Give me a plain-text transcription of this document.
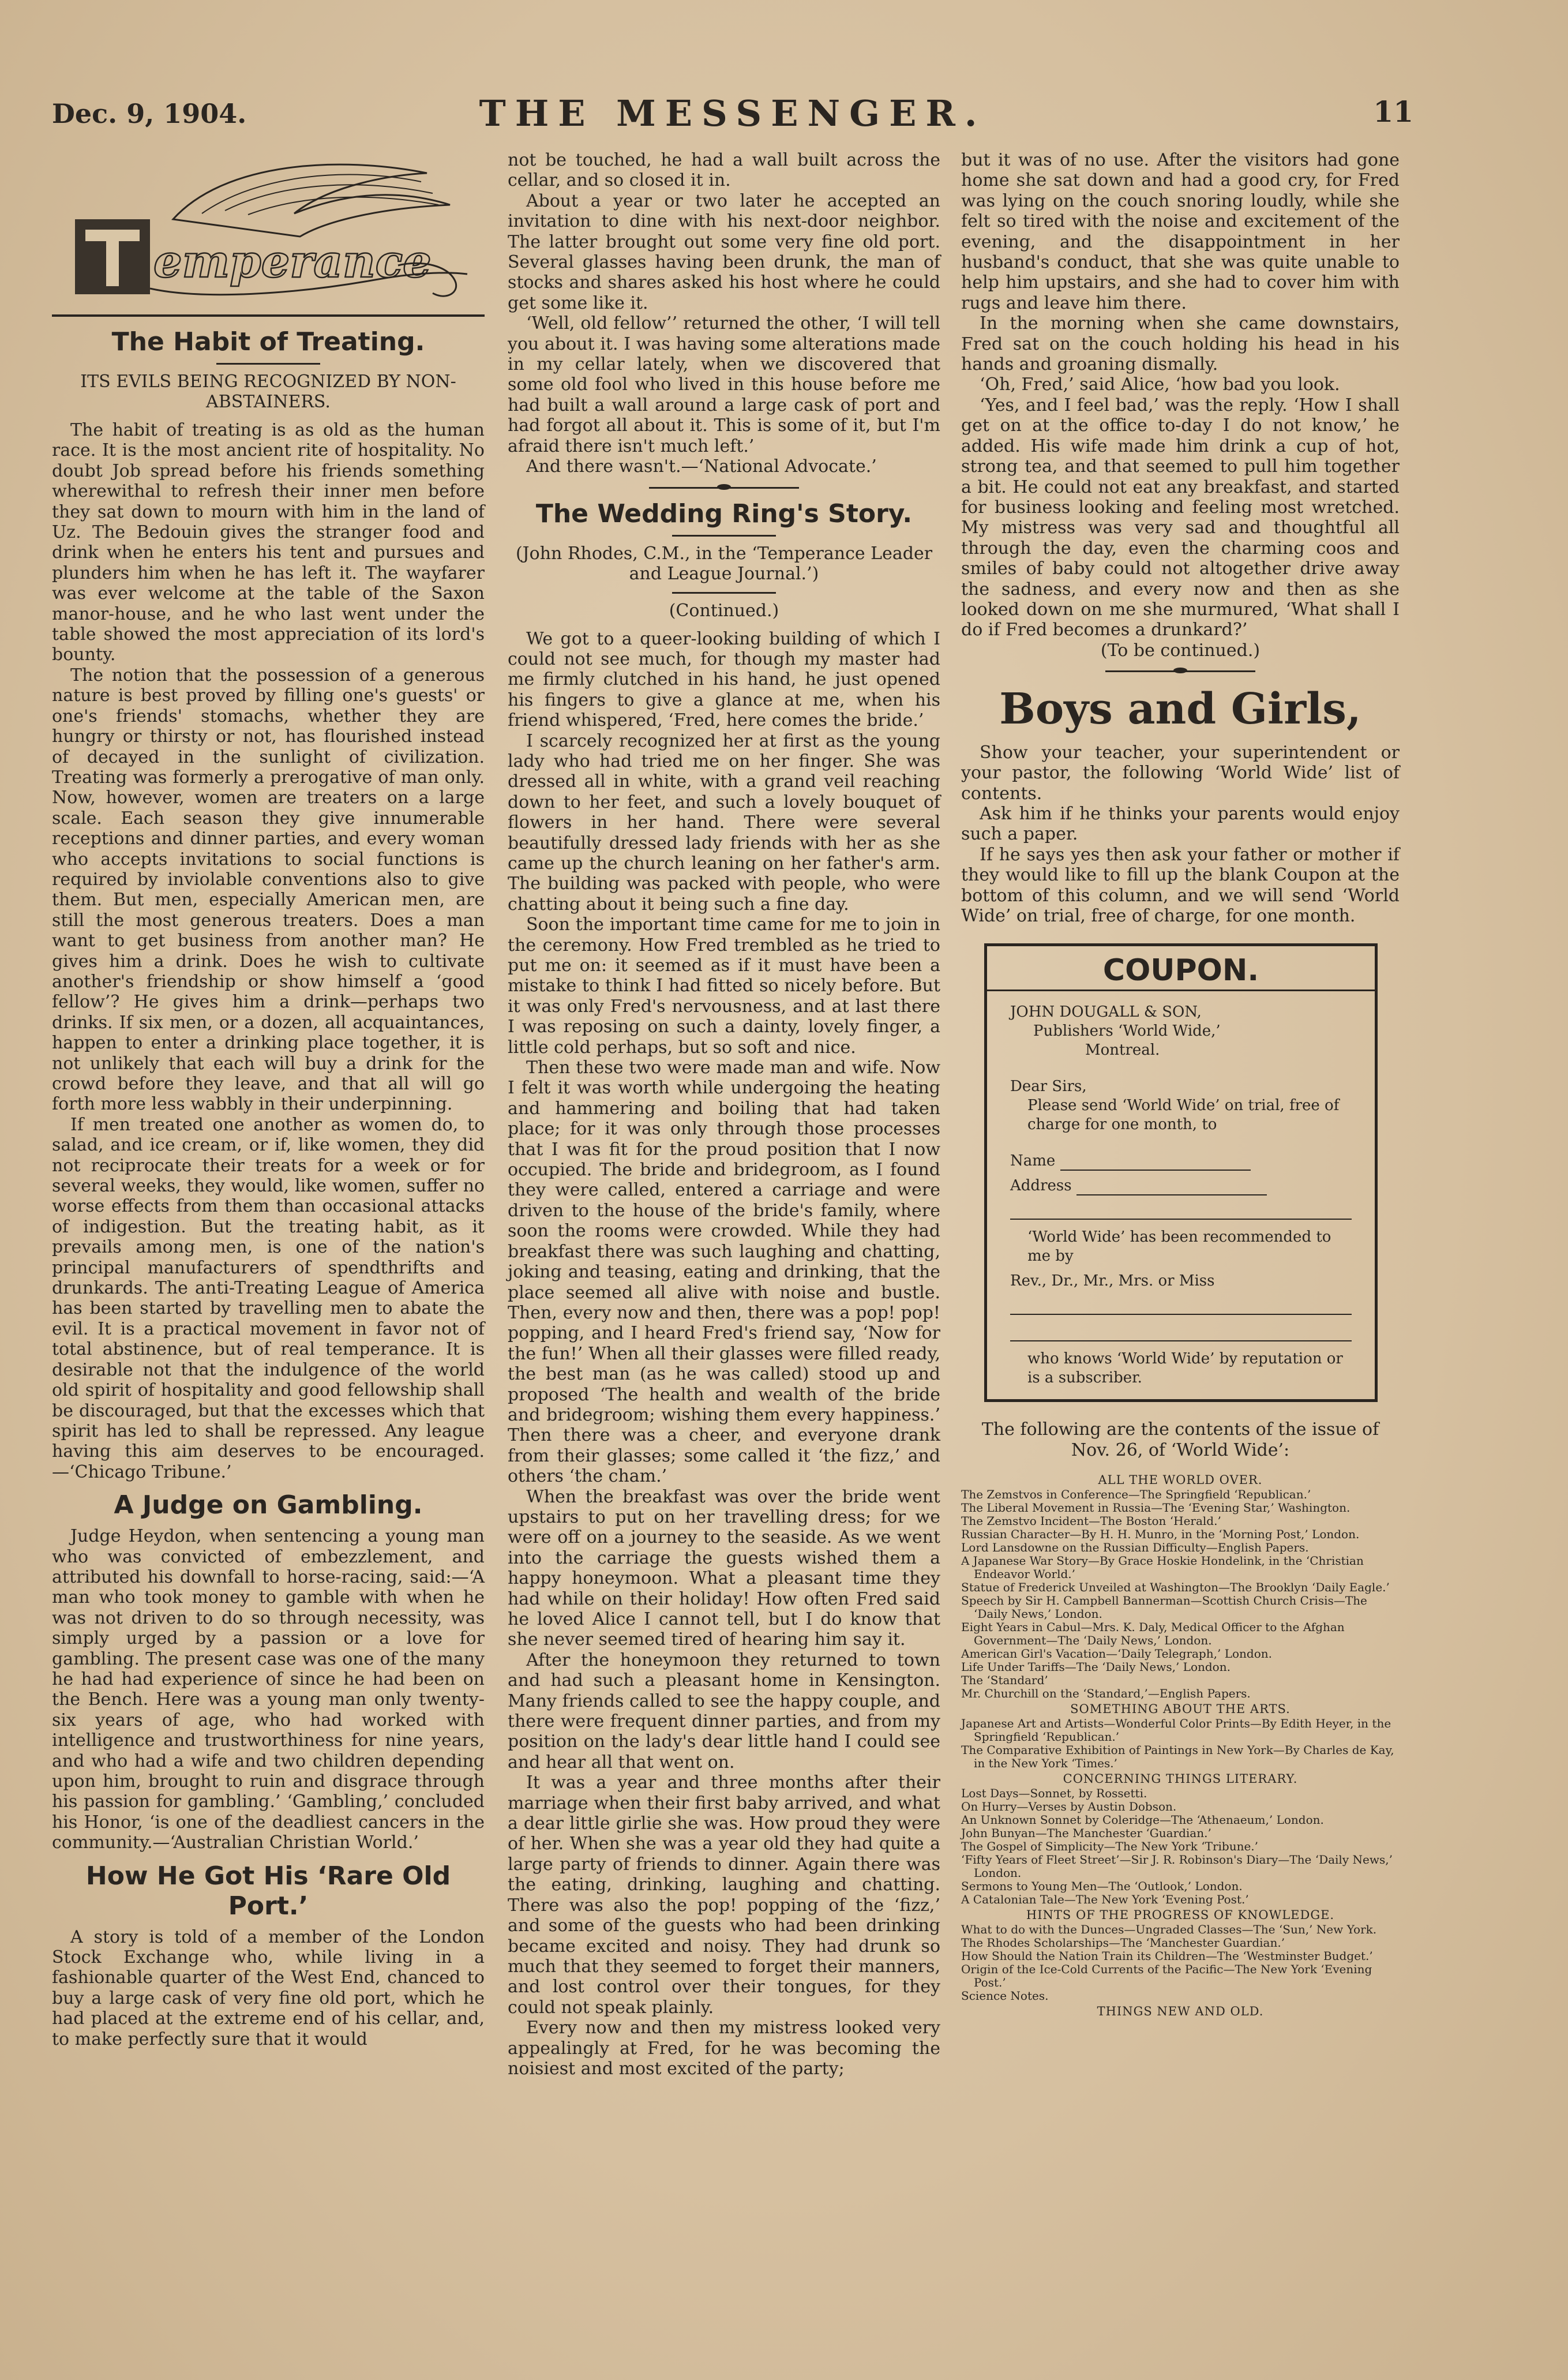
Dec. 9, 1904.	THE MESSENGER.	11
emperance
The Habit of Treating.
ITS EVILS BEING RECOGNIZED BY NON-ABSTAINERS.

The habit of treating is as old as the human race. It is the most ancient rite of hospitality. No doubt Job spread before his friends something wherewithal to refresh their inner men before they sat down to mourn with him in the land of Uz. The Bedouin gives the stranger food and drink when he enters his tent and pursues and plunders him when he has left it. The wayfarer was ever welcome at the table of the Saxon manor-house, and he who last went under the table showed the most appreciation of its lord's bounty.

The notion that the possession of a generous nature is best proved by filling one's guests' or one's friends' stomachs, whether they are hungry or thirsty or not, has flourished instead of decayed in the sunlight of civilization. Treating was formerly a prerogative of man only. Now, however, women are treaters on a large scale. Each season they give innumerable receptions and dinner parties, and every woman who accepts invitations to social functions is required by inviolable conventions also to give them. But men, especially American men, are still the most generous treaters. Does a man want to get business from another man? He gives him a drink. Does he wish to cultivate another's friendship or show himself a ‘good fellow’? He gives him a drink—perhaps two drinks. If six men, or a dozen, all acquaintances, happen to enter a drinking place together, it is not unlikely that each will buy a drink for the crowd before they leave, and that all will go forth more less wabbly in their underpinning.

If men treated one another as women do, to salad, and ice cream, or if, like women, they did not reciprocate their treats for a week or for several weeks, they would, like women, suffer no worse effects from them than occasional attacks of indigestion. But the treating habit, as it prevails among men, is one of the nation's principal manufacturers of spendthrifts and drunkards. The anti-Treating League of America has been started by travelling men to abate the evil. It is a practical movement in favor not of total abstinence, but of real temperance. It is desirable not that the indulgence of the world old spirit of hospitality and good fellowship shall be discouraged, but that the excesses which that spirit has led to shall be repressed. Any league having this aim deserves to be encouraged.—‘Chicago Tribune.’

A Judge on Gambling.

Judge Heydon, when sentencing a young man who was convicted of embezzlement, and attributed his downfall to horse-racing, said:—‘A man who took money to gamble with when he was not driven to do so through necessity, was simply urged by a passion or a love for gambling. The present case was one of the many he had had experience of since he had been on the Bench. Here was a young man only twenty-six years of age, who had worked with intelligence and trustworthiness for nine years, and who had a wife and two children depending upon him, brought to ruin and disgrace through his passion for gambling.’ ‘Gambling,’ concluded his Honor, ‘is one of the deadliest cancers in the community.—‘Australian Christian World.’

How He Got His ‘Rare Old Port.’

A story is told of a member of the London Stock Exchange who, while living in a fashionable quarter of the West End, chanced to buy a large cask of very fine old port, which he had placed at the extreme end of his cellar, and, to make perfectly sure that it would

not be touched, he had a wall built across the cellar, and so closed it in.

About a year or two later he accepted an invitation to dine with his next-door neighbor. The latter brought out some very fine old port. Several glasses having been drunk, the man of stocks and shares asked his host where he could get some like it.

‘Well, old fellow’’ returned the other, ‘I will tell you about it. I was having some alterations made in my cellar lately, when we discovered that some old fool who lived in this house before me had built a wall around a large cask of port and had forgot all about it. This is some of it, but I'm afraid there isn't much left.’

And there wasn't.—‘National Advocate.’

The Wedding Ring's Story.
(John Rhodes, C.M., in the ‘Temperance Leader and League Journal.’)
(Continued.)

We got to a queer-looking building of which I could not see much, for though my master had me firmly clutched in his hand, he just opened his fingers to give a glance at me, when his friend whispered, ‘Fred, here comes the bride.’

I scarcely recognized her at first as the young lady who had tried me on her finger. She was dressed all in white, with a grand veil reaching down to her feet, and such a lovely bouquet of flowers in her hand. There were several beautifully dressed lady friends with her as she came up the church leaning on her father's arm. The building was packed with people, who were chatting about it being such a fine day.

Soon the important time came for me to join in the ceremony. How Fred trembled as he tried to put me on: it seemed as if it must have been a mistake to think I had fitted so nicely before. But it was only Fred's nervousness, and at last there I was reposing on such a dainty, lovely finger, a little cold perhaps, but so soft and nice.

Then these two were made man and wife. Now I felt it was worth while undergoing the heating and hammering and boiling that had taken place; for it was only through those processes that I was fit for the proud position that I now occupied. The bride and bridegroom, as I found they were called, entered a carriage and were driven to the house of the bride's family, where soon the rooms were crowded. While they had breakfast there was such laughing and chatting, joking and teasing, eating and drinking, that the place seemed all alive with noise and bustle. Then, every now and then, there was a pop! pop! popping, and I heard Fred's friend say, ‘Now for the fun!’ When all their glasses were filled ready, the best man (as he was called) stood up and proposed ‘The health and wealth of the bride and bridegroom; wishing them every happiness.’ Then there was a cheer, and everyone drank from their glasses; some called it ‘the fizz,’ and others ‘the cham.’

When the breakfast was over the bride went upstairs to put on her travelling dress; for we were off on a journey to the seaside. As we went into the carriage the guests wished them a happy honeymoon. What a pleasant time they had while on their holiday! How often Fred said he loved Alice I cannot tell, but I do know that she never seemed tired of hearing him say it.

After the honeymoon they returned to town and had such a pleasant home in Kensington. Many friends called to see the happy couple, and there were frequent dinner parties, and from my position on the lady's dear little hand I could see and hear all that went on.

It was a year and three months after their marriage when their first baby arrived, and what a dear little girlie she was. How proud they were of her. When she was a year old they had quite a large party of friends to dinner. Again there was the eating, drinking, laughing and chatting. There was also the pop! popping of the ‘fizz,’ and some of the guests who had been drinking became excited and noisy. They had drunk so much that they seemed to forget their manners, and lost control over their tongues, for they could not speak plainly.

Every now and then my mistress looked very appealingly at Fred, for he was becoming the noisiest and most excited of the party;

but it was of no use. After the visitors had gone home she sat down and had a good cry, for Fred was lying on the couch snoring loudly, while she felt so tired with the noise and excitement of the evening, and the disappointment in her husband's conduct, that she was quite unable to help him upstairs, and she had to cover him with rugs and leave him there.

In the morning when she came downstairs, Fred sat on the couch holding his head in his hands and groaning dismally.

‘Oh, Fred,’ said Alice, ‘how bad you look.

‘Yes, and I feel bad,’ was the reply. ‘How I shall get on at the office to-day I do not know,’ he added. His wife made him drink a cup of hot, strong tea, and that seemed to pull him together a bit. He could not eat any breakfast, and started for business looking and feeling most wretched. My mistress was very sad and thoughtful all through the day, even the charming coos and smiles of baby could not altogether drive away the sadness, and every now and then as she looked down on me she murmured, ‘What shall I do if Fred becomes a drunkard?’

(To be continued.)
Boys and Girls,

Show your teacher, your superintendent or your pastor, the following ‘World Wide’ list of contents.

Ask him if he thinks your parents would enjoy such a paper.

If he says yes then ask your father or mother if they would like to fill up the blank Coupon at the bottom of this column, and we will send ‘World Wide’ on trial, free of charge, for one month.

COUPON.
JOHN DOUGALL & SON,
Publishers ‘World Wide,’
Montreal.
Dear Sirs,
Please send ‘World Wide’ on trial, free of charge for one month, to
Name
Address
‘World Wide’ has been recommended to me by
Rev., Dr., Mr., Mrs. or Miss
who knows ‘World Wide’ by reputation or is a subscriber.
The following are the contents of the issue of Nov. 26, of ‘World Wide’:
ALL THE WORLD OVER.

The Zemstvos in Conference—The Springfield ‘Republican.’

The Liberal Movement in Russia—The ‘Evening Star,’ Washington.

The Zemstvo Incident—The Boston ‘Herald.’

Russian Character—By H. H. Munro, in the ‘Morning Post,’ London.

Lord Lansdowne on the Russian Difficulty—English Papers.

A Japanese War Story—By Grace Hoskie Hondelink, in the ‘Christian Endeavor World.’

Statue of Frederick Unveiled at Washington—The Brooklyn ‘Daily Eagle.’

Speech by Sir H. Campbell Bannerman—Scottish Church Crisis—The ‘Daily News,’ London.

Eight Years in Cabul—Mrs. K. Daly, Medical Officer to the Afghan Government—The ‘Daily News,’ London.

American Girl's Vacation—‘Daily Telegraph,’ London.

Life Under Tariffs—The ‘Daily News,’ London.

The ‘Standard’

Mr. Churchill on the ‘Standard,’—English Papers.

SOMETHING ABOUT THE ARTS.

Japanese Art and Artists—Wonderful Color Prints—By Edith Heyer, in the Springfield ‘Republican.’

The Comparative Exhibition of Paintings in New York—By Charles de Kay, in the New York ‘Times.’

CONCERNING THINGS LITERARY.

Lost Days—Sonnet, by Rossetti.

On Hurry—Verses by Austin Dobson.

An Unknown Sonnet by Coleridge—The ‘Athenaeum,’ London.

John Bunyan—The Manchester ‘Guardian.’

The Gospel of Simplicity—The New York ‘Tribune.’

‘Fifty Years of Fleet Street’—Sir J. R. Robinson's Diary—The ‘Daily News,’ London.

Sermons to Young Men—The ‘Outlook,’ London.

A Catalonian Tale—The New York ‘Evening Post.’

HINTS OF THE PROGRESS OF KNOWLEDGE.

What to do with the Dunces—Ungraded Classes—The ‘Sun,’ New York.

The Rhodes Scholarships—The ‘Manchester Guardian.’

How Should the Nation Train its Children—The ‘Westminster Budget.’

Origin of the Ice-Cold Currents of the Pacific—The New York ‘Evening Post.’

Science Notes.

THINGS NEW AND OLD.
